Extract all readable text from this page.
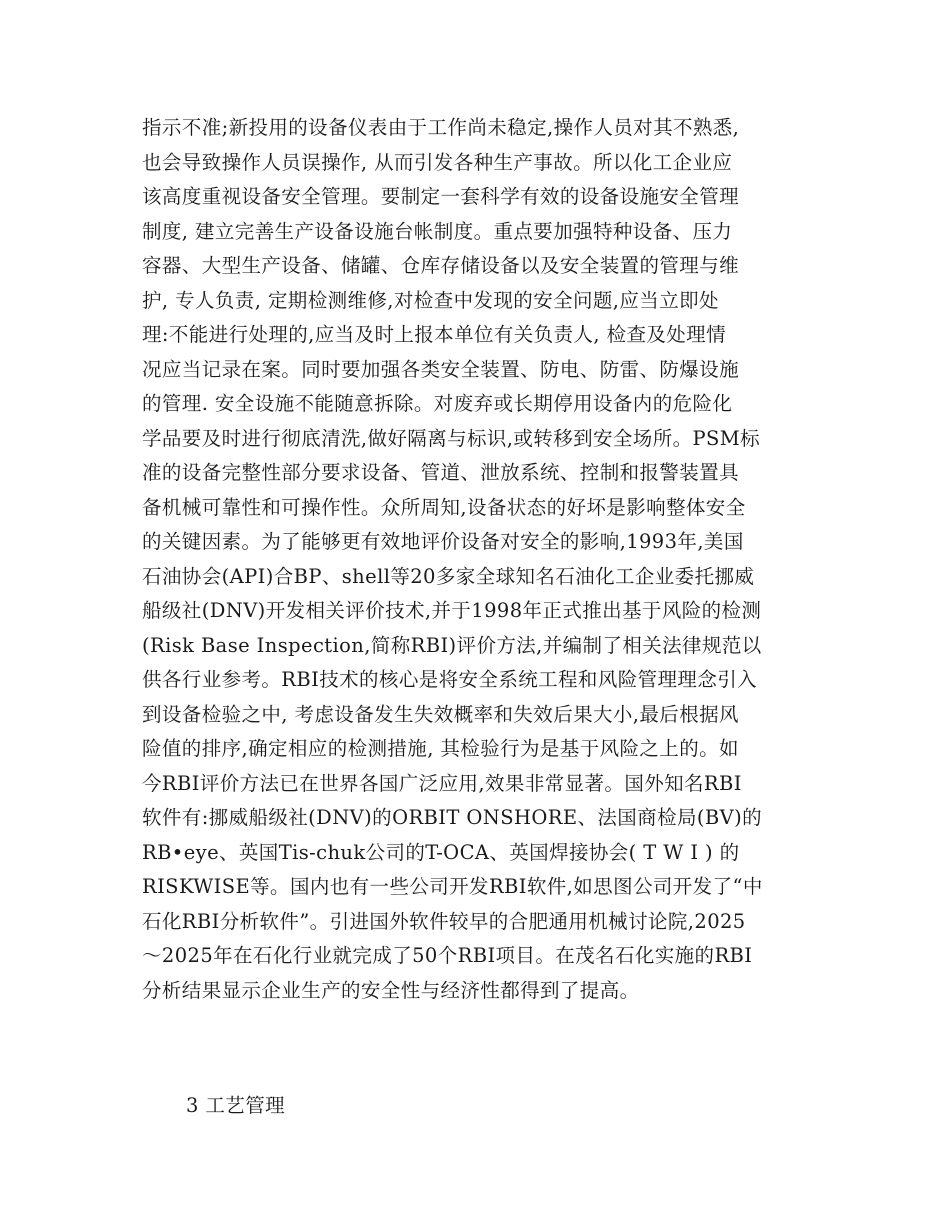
指示不准;新投用的设备仪表由于工作尚未稳定,操作人员对其不熟悉,
也会导致操作人员误操作, 从而引发各种生产事故。所以化工企业应
该高度重视设备安全管理。要制定一套科学有效的设备设施安全管理
制度, 建立完善生产设备设施台帐制度。重点要加强特种设备、压力
容器、大型生产设备、储罐、仓库存储设备以及安全装置的管理与维
护, 专人负责, 定期检测维修,对检查中发现的安全问题,应当立即处
理:不能进行处理的,应当及时上报本单位有关负责人, 检查及处理情
况应当记录在案。同时要加强各类安全装置、防电、防雷、防爆设施
的管理. 安全设施不能随意拆除。对废弃或长期停用设备内的危险化
学品要及时进行彻底清洗,做好隔离与标识,或转移到安全场所。PSM标
准的设备完整性部分要求设备、管道、泄放系统、控制和报警装置具
备机械可靠性和可操作性。众所周知,设备状态的好坏是影响整体安全
的关键因素。为了能够更有效地评价设备对安全的影响,1993年,美国
石油协会(API)合BP、shell等20多家全球知名石油化工企业委托挪威
船级社(DNV)开发相关评价技术,并于1998年正式推出基于风险的检测
(Risk Base Inspection,简称RBI)评价方法,并编制了相关法律规范以
供各行业参考。RBI技术的核心是将安全系统工程和风险管理理念引入
到设备检验之中, 考虑设备发生失效概率和失效后果大小,最后根据风
险值的排序,确定相应的检测措施, 其检验行为是基于风险之上的。如
今RBI评价方法已在世界各国广泛应用,效果非常显著。国外知名RBI
软件有:挪威船级社(DNV)的ORBIT ONSHORE、法国商检局(BV)的
RB•eye、英国Tis-chuk公司的T-OCA、英国焊接协会( T W I ) 的
RISKWISE等。国内也有一些公司开发RBI软件,如思图公司开发了“中
石化RBI分析软件”。引进国外软件较早的合肥通用机械讨论院,2025
～2025年在石化行业就完成了50个RBI项目。在茂名石化实施的RBI
分析结果显示企业生产的安全性与经济性都得到了提高。
3 工艺管理
